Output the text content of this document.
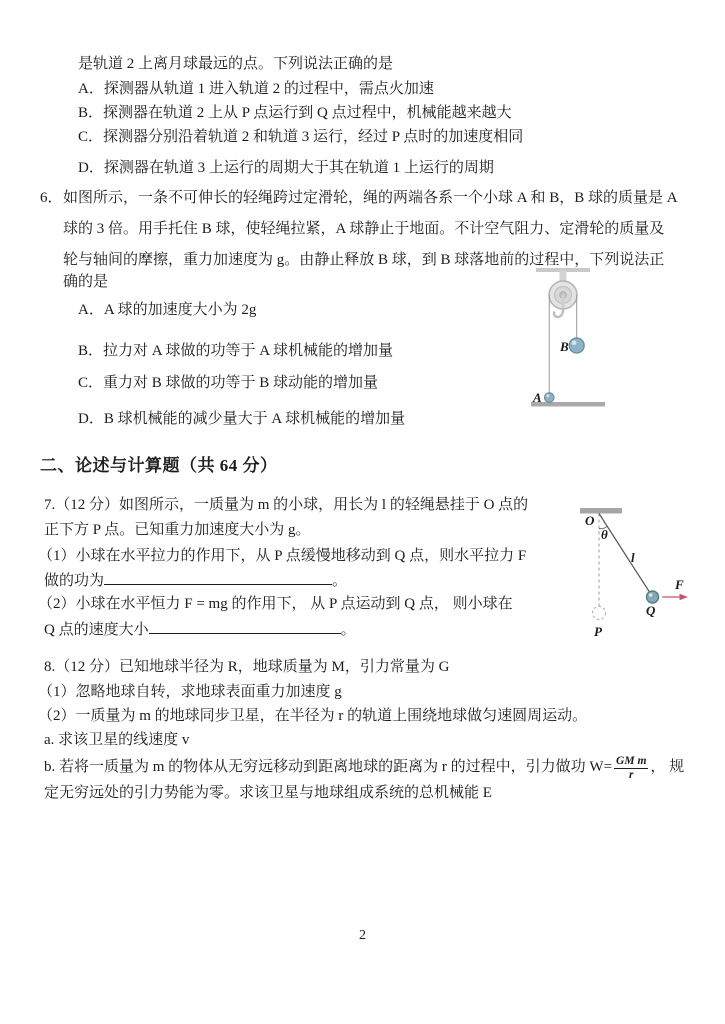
是轨道 2 上离月球最远的点。下列说法正确的是
A．探测器从轨道 1 进入轨道 2 的过程中，需点火加速
B．探测器在轨道 2 上从 P 点运行到 Q 点过程中，机械能越来越大
C．探测器分别沿着轨道 2 和轨道 3 运行，经过 P 点时的加速度相同
D．探测器在轨道 3 上运行的周期大于其在轨道 1 上运行的周期
6． 如图所示，一条不可伸长的轻绳跨过定滑轮，绳的两端各系一个小球 A 和 B，B 球的质量是 A
球的 3 倍。用手托住 B 球，使轻绳拉紧，A 球静止于地面。不计空气阻力、定滑轮的质量及
轮与轴间的摩擦，重力加速度为 g。由静止释放 B 球，到 B 球落地前的过程中，下列说法正
确的是
A．A 球的加速度大小为 2g
B．拉力对 A 球做的功等于 A 球机械能的增加量
C．重力对 B 球做的功等于 B 球动能的增加量
D．B 球机械能的减少量大于 A 球机械能的增加量
B
A
二、论述与计算题（共 64 分）
7.（12 分）如图所示，一质量为 m 的小球，用长为 l 的轻绳悬挂于 O 点的
正下方 P 点。已知重力加速度大小为 g。
（1）小球在水平拉力的作用下，从 P 点缓慢地移动到 Q 点，则水平拉力 F
做的功为	。
（2）小球在水平恒力 F = mg 的作用下， 从 P 点运动到 Q 点， 则小球在
Q 点的速度大小	。
O
θ
l
F
Q
P
8.（12 分）已知地球半径为 R，地球质量为 M，引力常量为 G
（1）忽略地球自转，求地球表面重力加速度 g
（2）一质量为 m 的地球同步卫星，在半径为 r 的轨道上围绕地球做匀速圆周运动。
a. 求该卫星的线速度 v
b. 若将一质量为 m 的物体从无穷远移动到距离地球的距离为 r 的过程中，引力做功 $W= \frac{\text{GM m}}{r}$ ， 规
定无穷远处的引力势能为零。求该卫星与地球组成系统的总机械能 E
2
